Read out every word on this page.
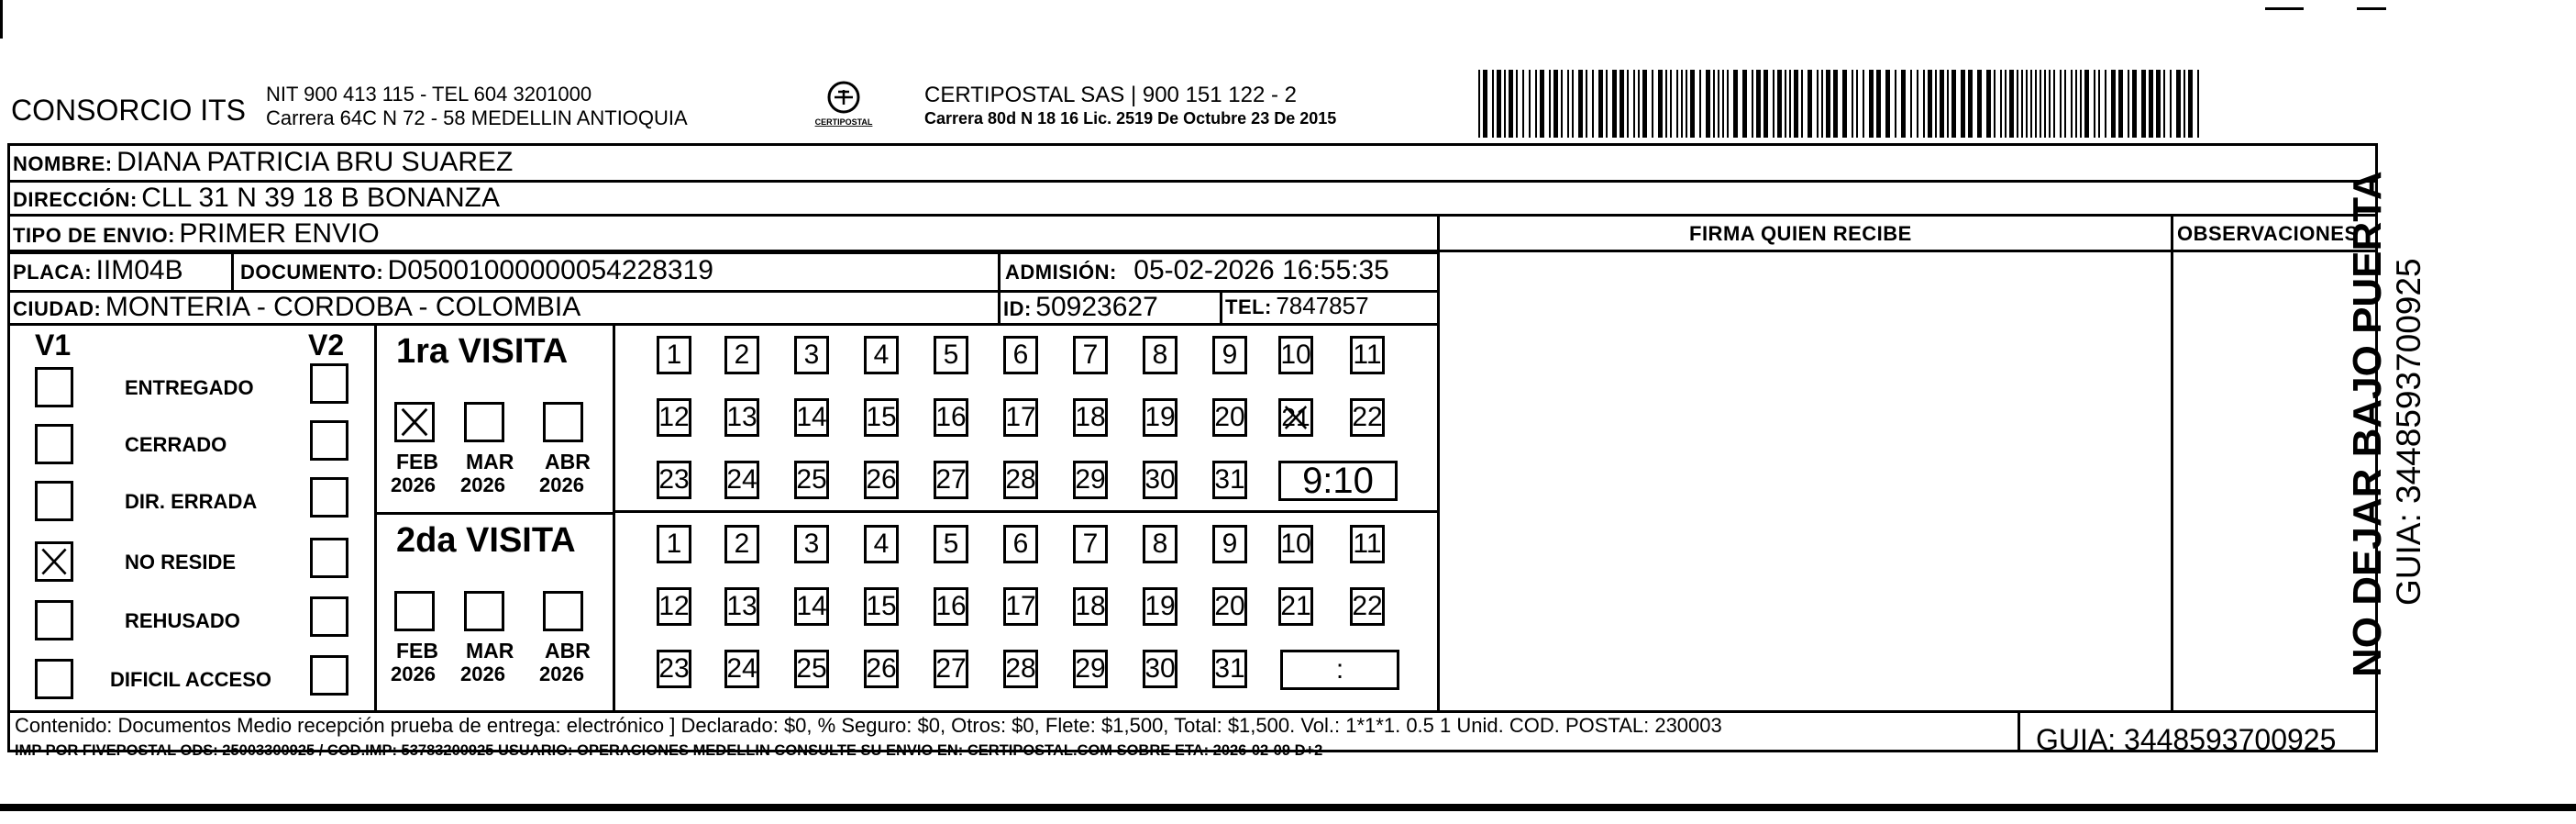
CONSORCIO ITS NIT 900 413 115 - TEL 604 3201000
Carrera 64C N 72 - 58 MEDELLIN ANTIOQUIA	CERTIPOSTAL
CERTIPOSTAL SAS | 900 151 122 - 2
Carrera 80d N 18 16 Lic. 2519 De Octubre 23 De 2015
NOMBRE: DIANA PATRICIA BRU SUAREZ
DIRECCIÓN: CLL 31 N 39 18 B BONANZA
TIPO DE ENVIO: PRIMER ENVIO
PLACA: IIM04B	DOCUMENTO: D05001000000054228319	ADMISIÓN: 05-02-2026 16:55:35
CIUDAD: MONTERIA - CORDOBA - COLOMBIA	ID: 50923627	TEL: 7847857
FIRMA QUIEN RECIBE	OBSERVACIONES
V1	V2
ENTREGADO
CERRADO
DIR. ERRADA
NO RESIDE
REHUSADO
DIFICIL ACCESO
1ra VISITA
FEB
2026
MAR
2026
ABR
2026
1 2 3 4 5 6 7 8 9 10 11
12 13 14 15 16 17 18 19 20 21 22
23 24 25 26 27 28 29 30 31 9:10
2da VISITA
FEB
2026
MAR
2026
ABR
2026
1 2 3 4 5 6 7 8 9 10 11
12 13 14 15 16 17 18 19 20 21 22
23 24 25 26 27 28 29 30 31	:
Contenido: Documentos Medio recepción prueba de entrega: electrónico ] Declarado: $0, % Seguro: $0, Otros: $0, Flete: $1,500, Total: $1,500. Vol.: 1*1*1. 0.5 1 Unid. COD. POSTAL: 230003
IMP POR FIVEPOSTAL ODS: 25003300925 / COD.IMP: 53783200925 USUARIO: OPERACIONES MEDELLIN CONSULTE SU ENVIO EN: CERTIPOSTAL.COM SOBRE ETA: 2026-02-09 D+2	GUIA: 3448593700925
NO DEJAR BAJO PUERTA GUIA: 3448593700925
